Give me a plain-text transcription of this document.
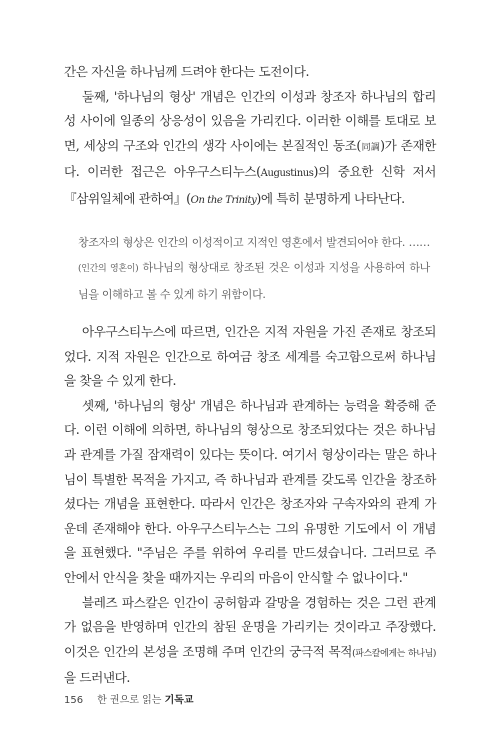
간은 자신을 하나님께 드려야 한다는 도전이다.

둘째, '하나님의 형상' 개념은 인간의 이성과 창조자 하나님의 합리성 사이에 일종의 상응성이 있음을 가리킨다. 이러한 이해를 토대로 보면, 세상의 구조와 인간의 생각 사이에는 본질적인 동조(同調)가 존재한다. 이러한 접근은 아우구스티누스(Augustinus)의 중요한 신학 저서 『삼위일체에 관하여』(On the Trinity)에 특히 분명하게 나타난다.

창조자의 형상은 인간의 이성적이고 지적인 영혼에서 발견되어야 한다. …… (인간의 영혼이) 하나님의 형상대로 창조된 것은 이성과 지성을 사용하여 하나님을 이해하고 볼 수 있게 하기 위함이다.

아우구스티누스에 따르면, 인간은 지적 자원을 가진 존재로 창조되었다. 지적 자원은 인간으로 하여금 창조 세계를 숙고함으로써 하나님을 찾을 수 있게 한다.

셋째, '하나님의 형상' 개념은 하나님과 관계하는 능력을 확증해 준다. 이런 이해에 의하면, 하나님의 형상으로 창조되었다는 것은 하나님과 관계를 가질 잠재력이 있다는 뜻이다. 여기서 형상이라는 말은 하나님이 특별한 목적을 가지고, 즉 하나님과 관계를 갖도록 인간을 창조하셨다는 개념을 표현한다. 따라서 인간은 창조자와 구속자와의 관계 가운데 존재해야 한다. 아우구스티누스는 그의 유명한 기도에서 이 개념을 표현했다. "주님은 주를 위하여 우리를 만드셨습니다. 그러므로 주 안에서 안식을 찾을 때까지는 우리의 마음이 안식할 수 없나이다."

블레즈 파스칼은 인간이 공허함과 갈망을 경험하는 것은 그런 관계가 없음을 반영하며 인간의 참된 운명을 가리키는 것이라고 주장했다. 이것은 인간의 본성을 조명해 주며 인간의 궁극적 목적(파스칼에게는 하나님)을 드러낸다.

156 한 권으로 읽는 기독교
